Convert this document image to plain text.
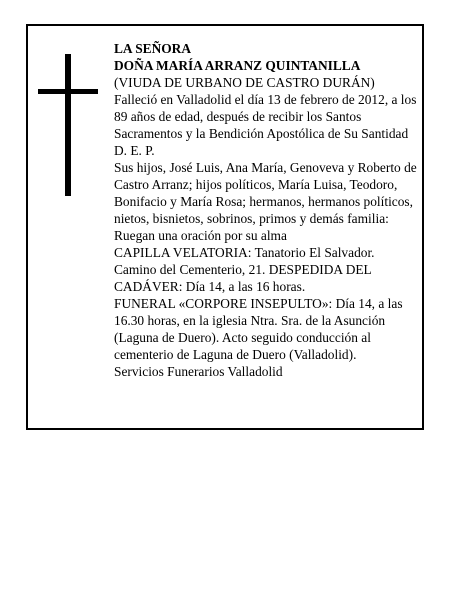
LA SEÑORA

DOÑA MARÍA ARRANZ QUINTANILLA

(VIUDA DE URBANO DE CASTRO DURÁN)

Falleció en Valladolid el día 13 de febrero de 2012, a los 89 años de edad, después de recibir los Santos Sacramentos y la Bendición Apostólica de Su Santidad

D. E. P.

Sus hijos, José Luis, Ana María, Genoveva y Roberto de Castro Arranz; hijos políticos, María Luisa, Teodoro, Bonifacio y María Rosa; hermanos, hermanos políticos, nietos, bisnietos, sobrinos, primos y demás familia:

Ruegan una oración por su alma

CAPILLA VELATORIA: Tanatorio El Salvador. Camino del Cementerio, 21. DESPEDIDA DEL CADÁVER: Día 14, a las 16 horas.

FUNERAL «CORPORE INSEPULTO»: Día 14, a las 16.30 horas, en la iglesia Ntra. Sra. de la Asunción (Laguna de Duero). Acto seguido conducción al cementerio de Laguna de Duero (Valladolid).

Servicios Funerarios Valladolid
